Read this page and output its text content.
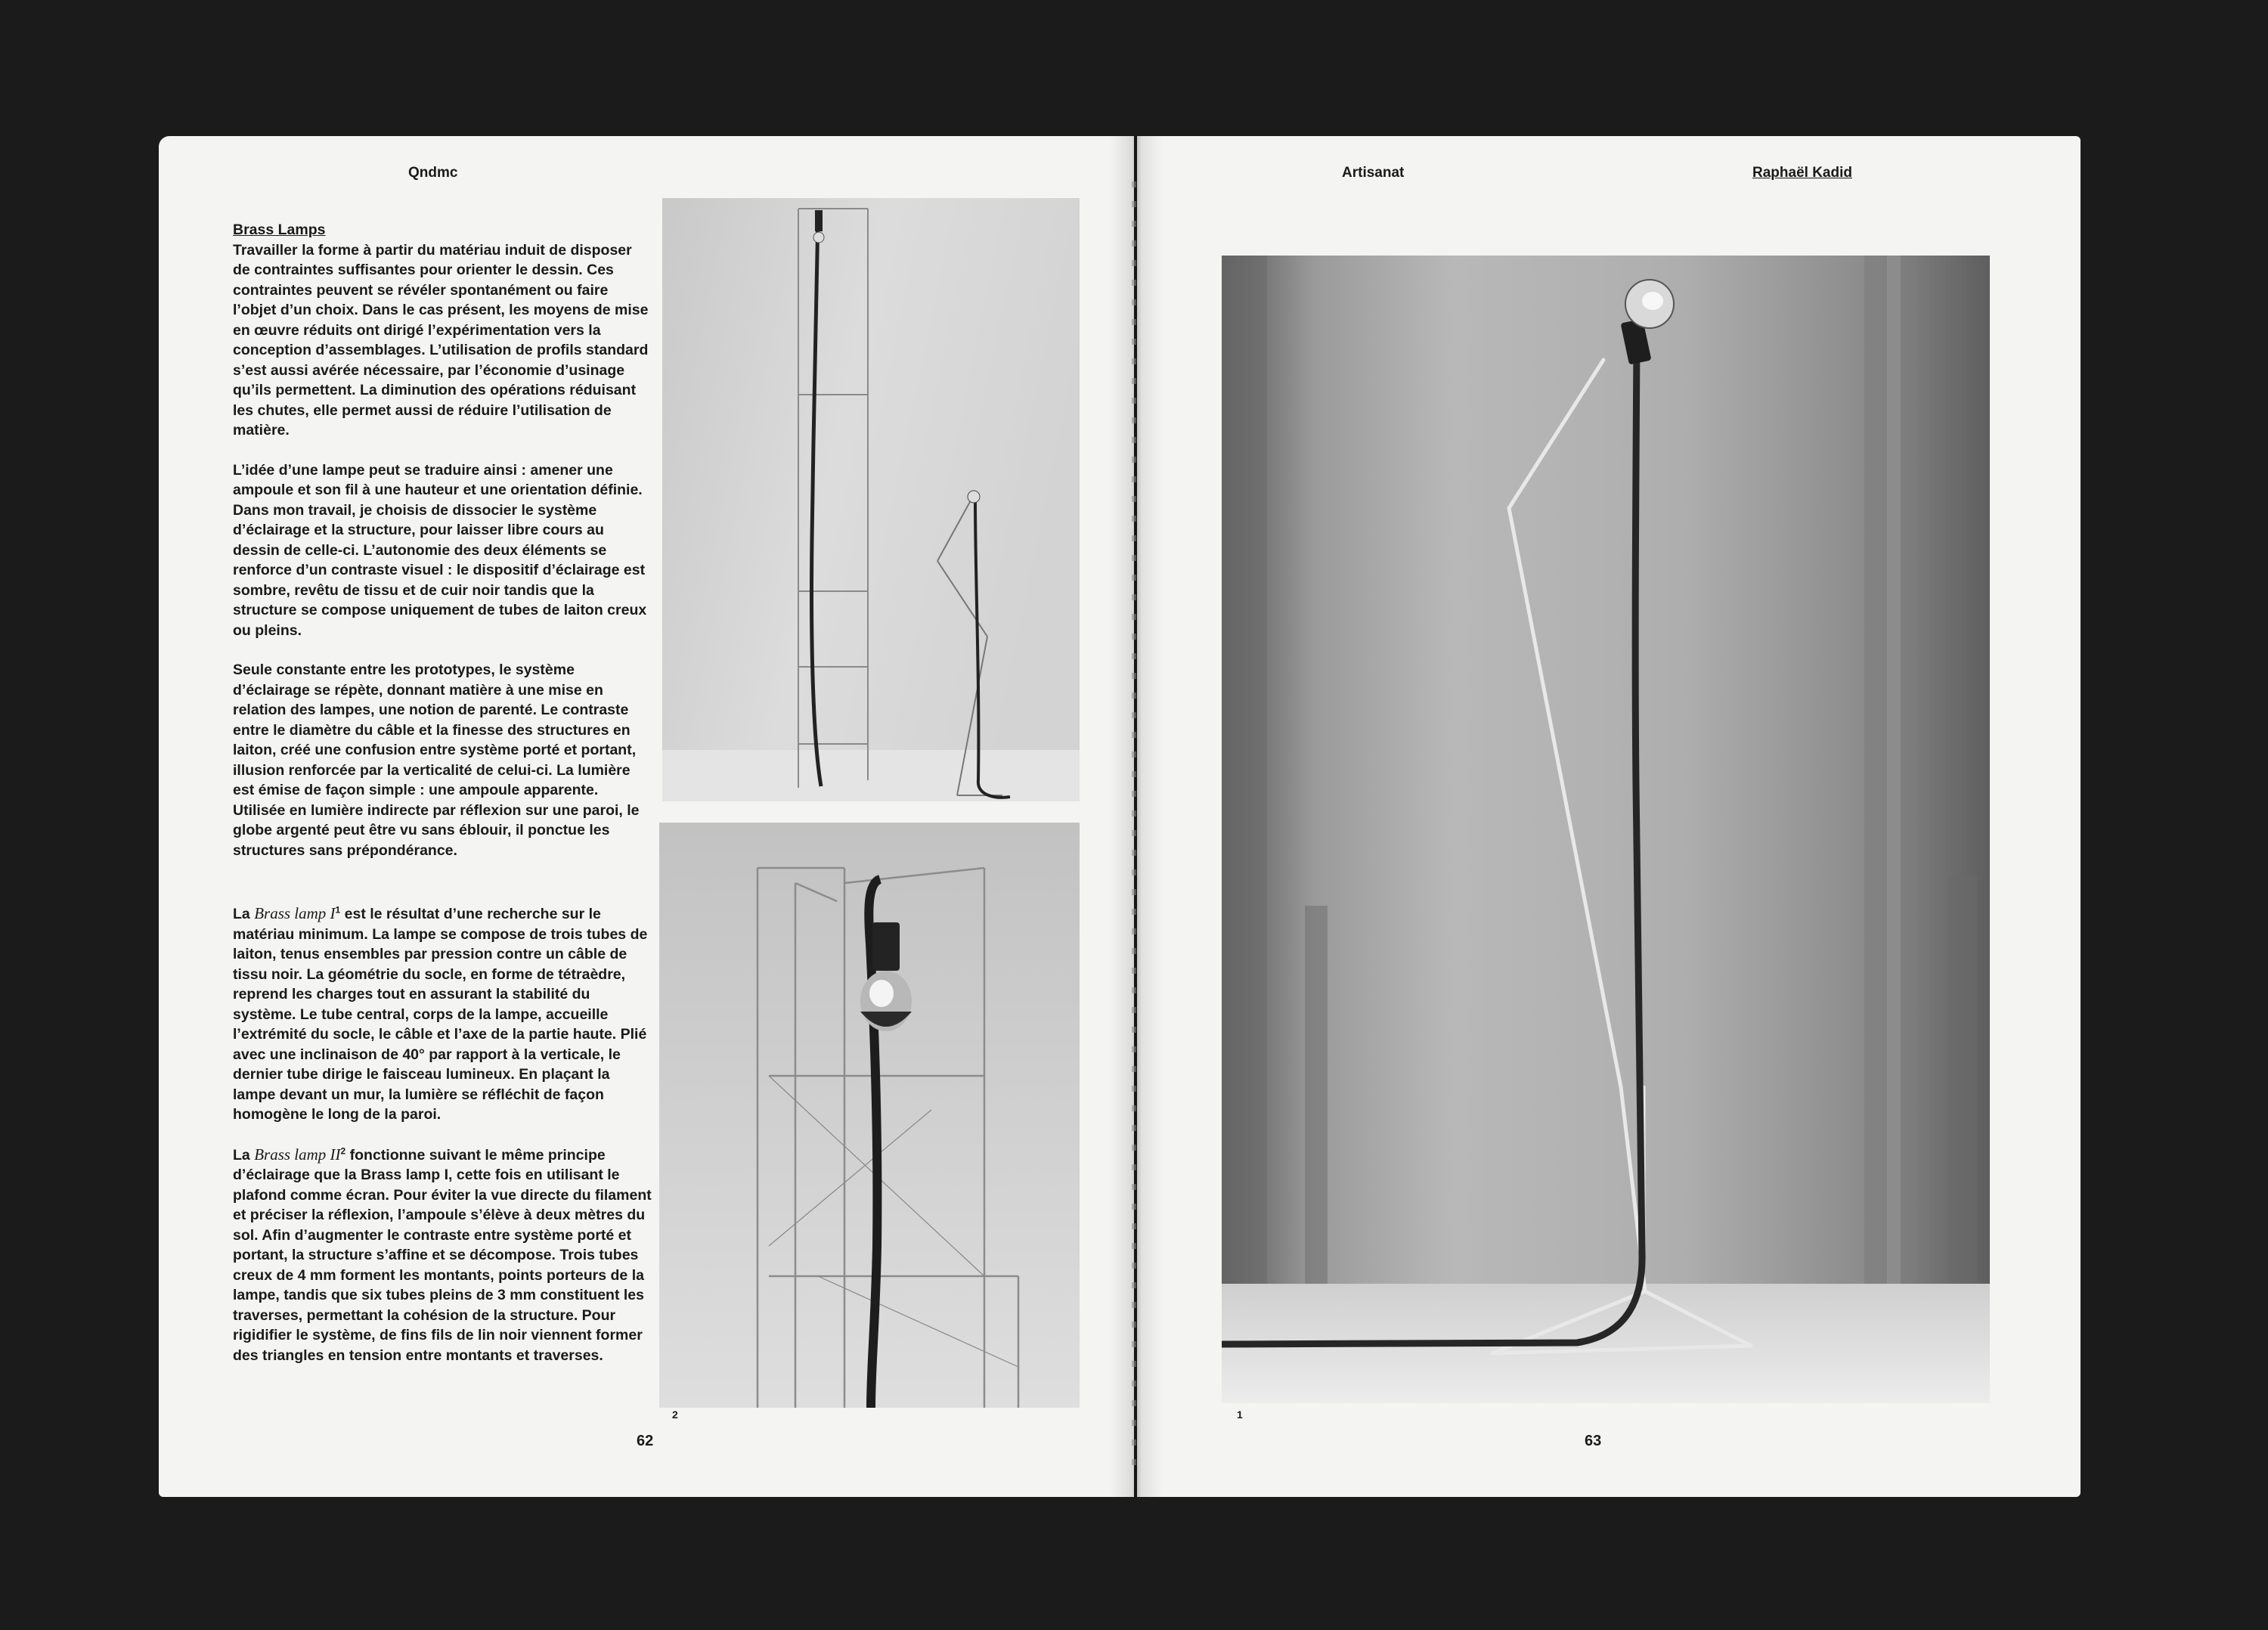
Qndmc	Artisanat	Raphaël Kadid

Brass Lamps

Travailler la forme à partir du matériau induit de disposer de contraintes suffisantes pour orienter le dessin. Ces contraintes peuvent se révéler spontanément ou faire l’objet d’un choix. Dans le cas présent, les moyens de mise en œuvre réduits ont dirigé l’expérimentation vers la conception d’assemblages. L’utilisation de profils standard s’est aussi avérée nécessaire, par l’économie d’usinage qu’ils permettent. La diminution des opérations réduisant les chutes, elle permet aussi de réduire l’utilisation de matière.

L’idée d’une lampe peut se traduire ainsi : amener une ampoule et son fil à une hauteur et une orientation définie. Dans mon travail, je choisis de dissocier le système d’éclairage et la structure, pour laisser libre cours au dessin de celle-ci. L’autonomie des deux éléments se renforce d’un contraste visuel : le dispositif d’éclairage est sombre, revêtu de tissu et de cuir noir tandis que la structure se compose uniquement de tubes de laiton creux ou pleins.

Seule constante entre les prototypes, le système d’éclairage se répète, donnant matière à une mise en relation des lampes, une notion de parenté. Le contraste entre le diamètre du câble et la finesse des structures en laiton, créé une confusion entre système porté et portant, illusion renforcée par la verticalité de celui-ci. La lumière est émise de façon simple : une ampoule apparente. Utilisée en lumière indirecte par réflexion sur une paroi, le globe argenté peut être vu sans éblouir, il ponctue les structures sans prépondérance.

La Brass lamp $I^1$ est le résultat d’une recherche sur le matériau minimum. La lampe se compose de trois tubes de laiton, tenus ensembles par pression contre un câble de tissu noir. La géométrie du socle, en forme de tétraèdre, reprend les charges tout en assurant la stabilité du système. Le tube central, corps de la lampe, accueille l’extrémité du socle, le câble et l’axe de la partie haute. Plié avec une inclinaison de 40° par rapport à la verticale, le dernier tube dirige le faisceau lumineux. En plaçant la lampe devant un mur, la lumière se réfléchit de façon homogène le long de la paroi.

La Brass lamp $II^2$ fonctionne suivant le même principe d’éclairage que la Brass lamp I, cette fois en utilisant le plafond comme écran. Pour éviter la vue directe du filament et préciser la réflexion, l’ampoule s’élève à deux mètres du sol. Afin d’augmenter le contraste entre système porté et portant, la structure s’affine et se décompose. Trois tubes creux de 4 mm forment les montants, points porteurs de la lampe, tandis que six tubes pleins de 3 mm constituent les traverses, permettant la cohésion de la structure. Pour rigidifier le système, de fins fils de lin noir viennent former des triangles en tension entre montants et traverses.

2	1
62	63
